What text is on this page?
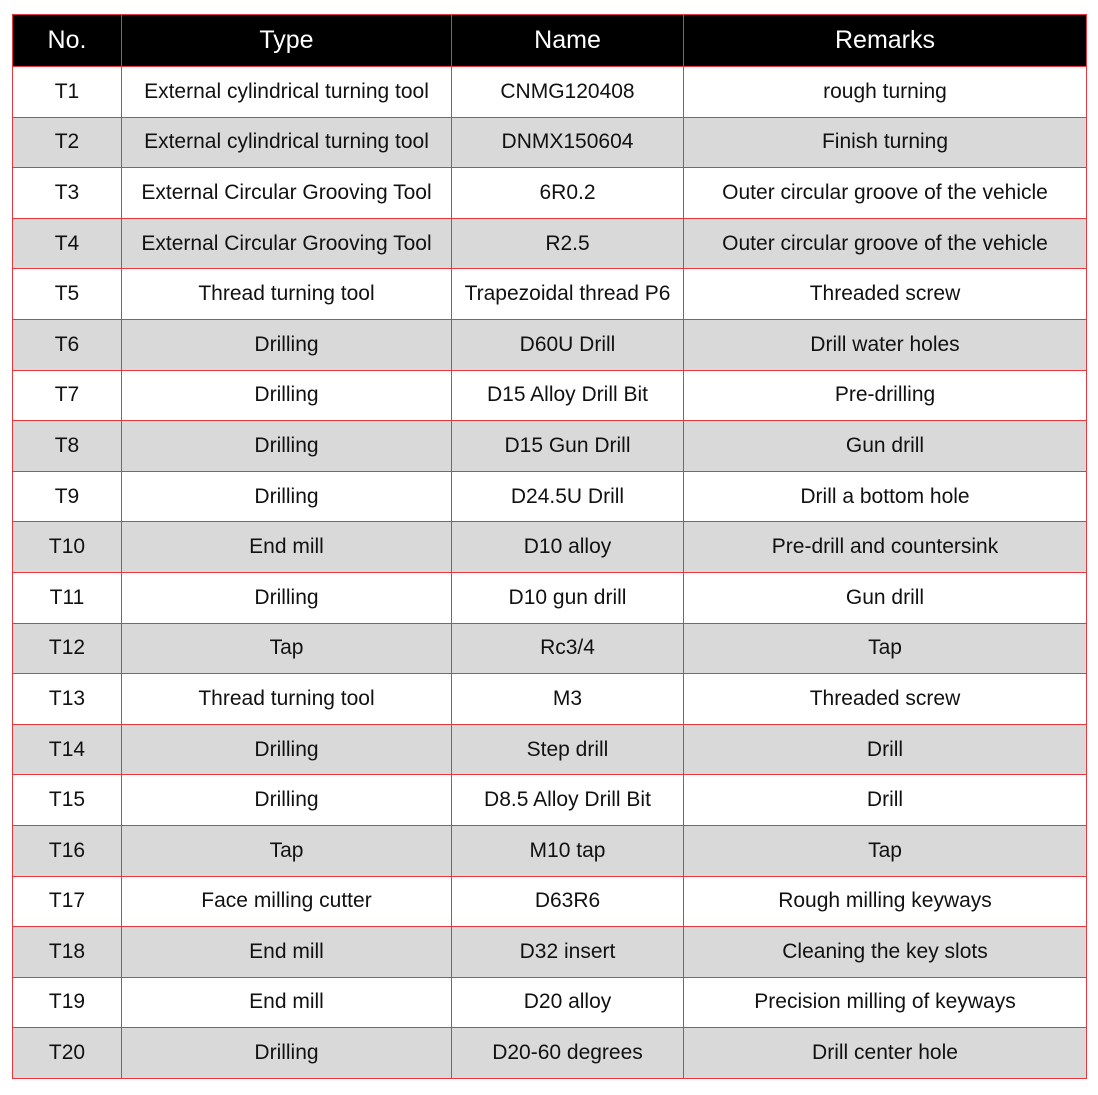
No.	Type	Name	Remarks
T1	External cylindrical turning tool	CNMG120408	rough turning
T2	External cylindrical turning tool	DNMX150604	Finish turning
T3	External Circular Grooving Tool	6R0.2	Outer circular groove of the vehicle
T4	External Circular Grooving Tool	R2.5	Outer circular groove of the vehicle
T5	Thread turning tool	Trapezoidal thread P6	Threaded screw
T6	Drilling	D60U Drill	Drill water holes
T7	Drilling	D15 Alloy Drill Bit	Pre-drilling
T8	Drilling	D15 Gun Drill	Gun drill
T9	Drilling	D24.5U Drill	Drill a bottom hole
T10	End mill	D10 alloy	Pre-drill and countersink
T11	Drilling	D10 gun drill	Gun drill
T12	Tap	Rc3/4	Tap
T13	Thread turning tool	M3	Threaded screw
T14	Drilling	Step drill	Drill
T15	Drilling	D8.5 Alloy Drill Bit	Drill
T16	Tap	M10 tap	Tap
T17	Face milling cutter	D63R6	Rough milling keyways
T18	End mill	D32 insert	Cleaning the key slots
T19	End mill	D20 alloy	Precision milling of keyways
T20	Drilling	D20-60 degrees	Drill center hole
